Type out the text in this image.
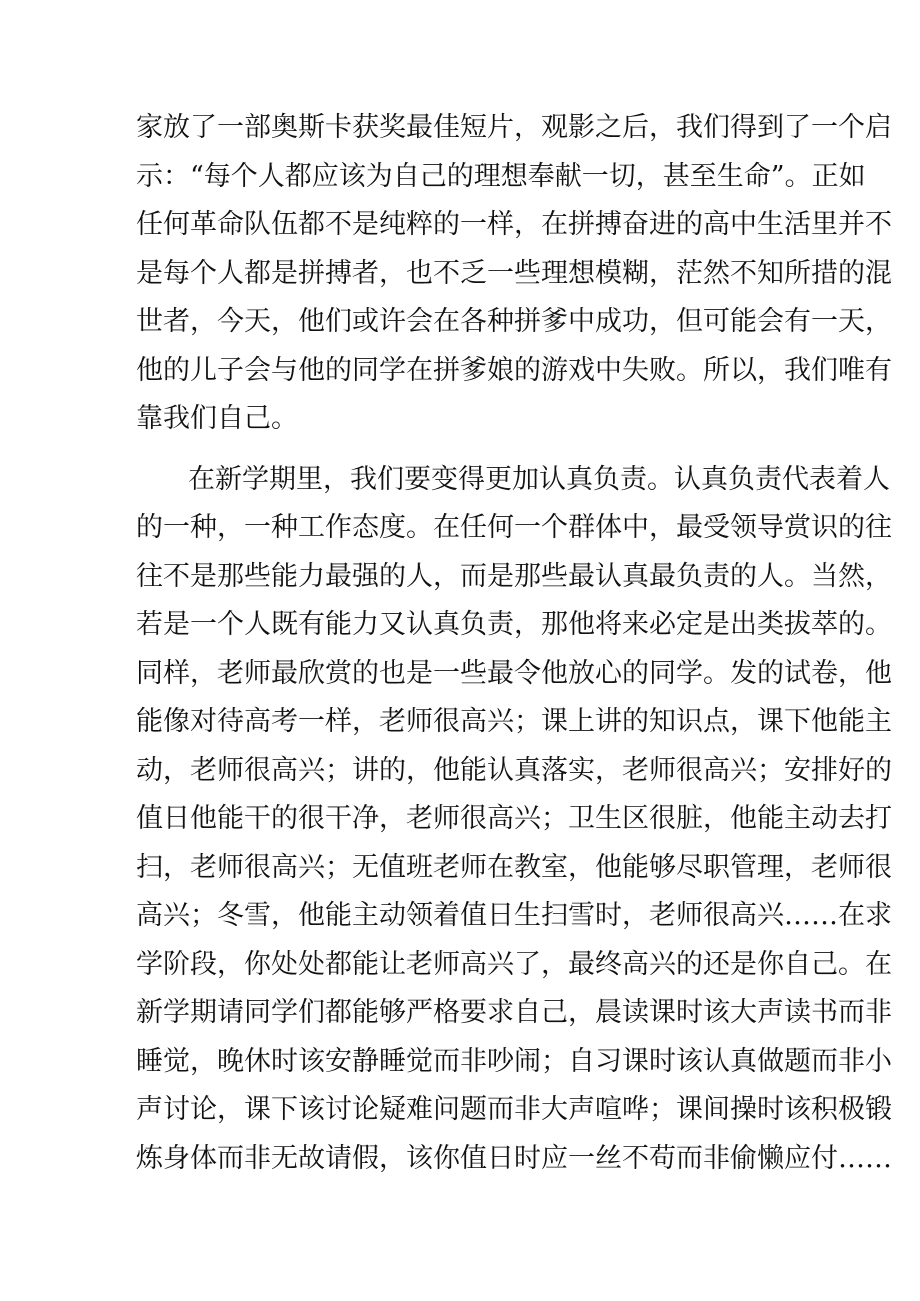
家放了一部奥斯卡获奖最佳短片，观影之后，我们得到了一个启
示：“每个人都应该为自己的理想奉献一切，甚至生命”。正如
任何革命队伍都不是纯粹的一样，在拼搏奋进的高中生活里并不
是每个人都是拼搏者，也不乏一些理想模糊，茫然不知所措的混
世者，今天，他们或许会在各种拼爹中成功，但可能会有一天，
他的儿子会与他的同学在拼爹娘的游戏中失败。所以，我们唯有
靠我们自己。
在新学期里，我们要变得更加认真负责。认真负责代表着人
的一种，一种工作态度。在任何一个群体中，最受领导赏识的往
往不是那些能力最强的人，而是那些最认真最负责的人。当然，
若是一个人既有能力又认真负责，那他将来必定是出类拔萃的。
同样，老师最欣赏的也是一些最令他放心的同学。发的试卷，他
能像对待高考一样，老师很高兴；课上讲的知识点，课下他能主
动，老师很高兴；讲的，他能认真落实，老师很高兴；安排好的
值日他能干的很干净，老师很高兴；卫生区很脏，他能主动去打
扫，老师很高兴；无值班老师在教室，他能够尽职管理，老师很
高兴；冬雪，他能主动领着值日生扫雪时，老师很高兴……在求
学阶段，你处处都能让老师高兴了，最终高兴的还是你自己。在
新学期请同学们都能够严格要求自己，晨读课时该大声读书而非
睡觉，晚休时该安静睡觉而非吵闹；自习课时该认真做题而非小
声讨论，课下该讨论疑难问题而非大声喧哗；课间操时该积极锻
炼身体而非无故请假，该你值日时应一丝不苟而非偷懒应付……
